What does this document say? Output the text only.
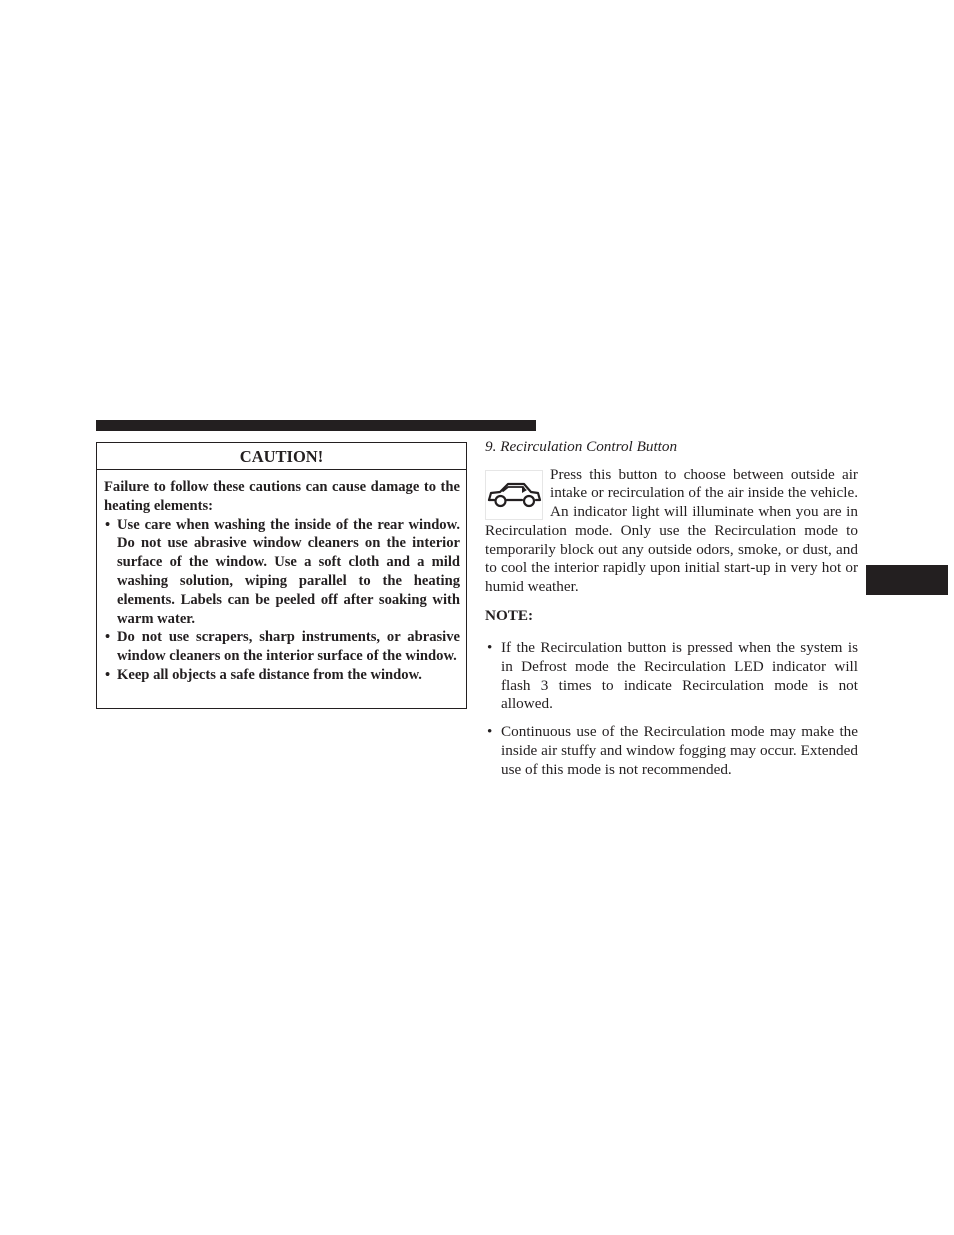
CAUTION!

Failure to follow these cautions can cause damage to the heating elements:

• Use care when washing the inside of the rear window. Do not use abrasive window cleaners on the interior surface of the window. Use a soft cloth and a mild washing solution, wiping parallel to the heating elements. Labels can be peeled off after soaking with warm water.
• Do not use scrapers, sharp instruments, or abrasive window cleaners on the interior surface of the window.
• Keep all objects a safe distance from the window.

9. Recirculation Control Button

Press this button to choose between outside air intake or recirculation of the air inside the vehicle. An indicator light will illuminate when you are in Recirculation mode. Only use the Recirculation mode to temporarily block out any outside odors, smoke, or dust, and to cool the interior rapidly upon initial start-up in very hot or humid weather.

NOTE:

• If the Recirculation button is pressed when the system is in Defrost mode the Recirculation LED indicator will flash 3 times to indicate Recirculation mode is not allowed.
• Continuous use of the Recirculation mode may make the inside air stuffy and window fogging may occur. Extended use of this mode is not recommended.
